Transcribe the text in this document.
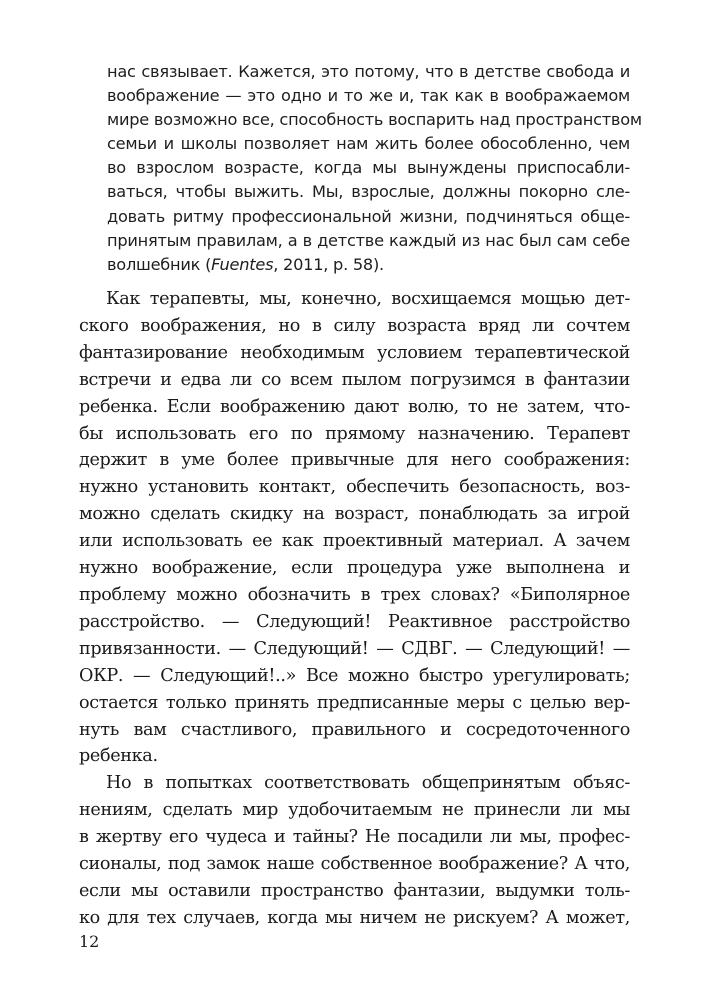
нас связывает. Кажется, это потому, что в детстве свобода и
воображение — это одно и то же и, так как в воображаемом
мире возможно все, способность воспарить над пространством
семьи и школы позволяет нам жить более обособленно, чем
во взрослом возрасте, когда мы вынуждены приспосабли-
ваться, чтобы выжить. Мы, взрослые, должны покорно сле-
довать ритму профессиональной жизни, подчиняться обще-
принятым правилам, а в детстве каждый из нас был сам себе
волшебник (Fuentes, 2011, p. 58).
Как терапевты, мы, конечно, восхищаемся мощью дет-
ского воображения, но в силу возраста вряд ли сочтем
фантазирование необходимым условием терапевтической
встречи и едва ли со всем пылом погрузимся в фантазии
ребенка. Если воображению дают волю, то не затем, что-
бы использовать его по прямому назначению. Терапевт
держит в уме более привычные для него соображения:
нужно установить контакт, обеспечить безопасность, воз-
можно сделать скидку на возраст, понаблюдать за игрой
или использовать ее как проективный материал. А зачем
нужно воображение, если процедура уже выполнена и
проблему можно обозначить в трех словах? «Биполярное
расстройство. — Следующий! Реактивное расстройство
привязанности. — Следующий! — СДВГ. — Следующий! —
ОКР. — Следующий!..» Все можно быстро урегулировать;
остается только принять предписанные меры с целью вер-
нуть вам счастливого, правильного и сосредоточенного
ребенка.
Но в попытках соответствовать общепринятым объяс-
нениям, сделать мир удобочитаемым не принесли ли мы
в жертву его чудеса и тайны? Не посадили ли мы, профес-
сионалы, под замок наше собственное воображение? А что,
если мы оставили пространство фантазии, выдумки толь-
ко для тех случаев, когда мы ничем не рискуем? А может,
12
